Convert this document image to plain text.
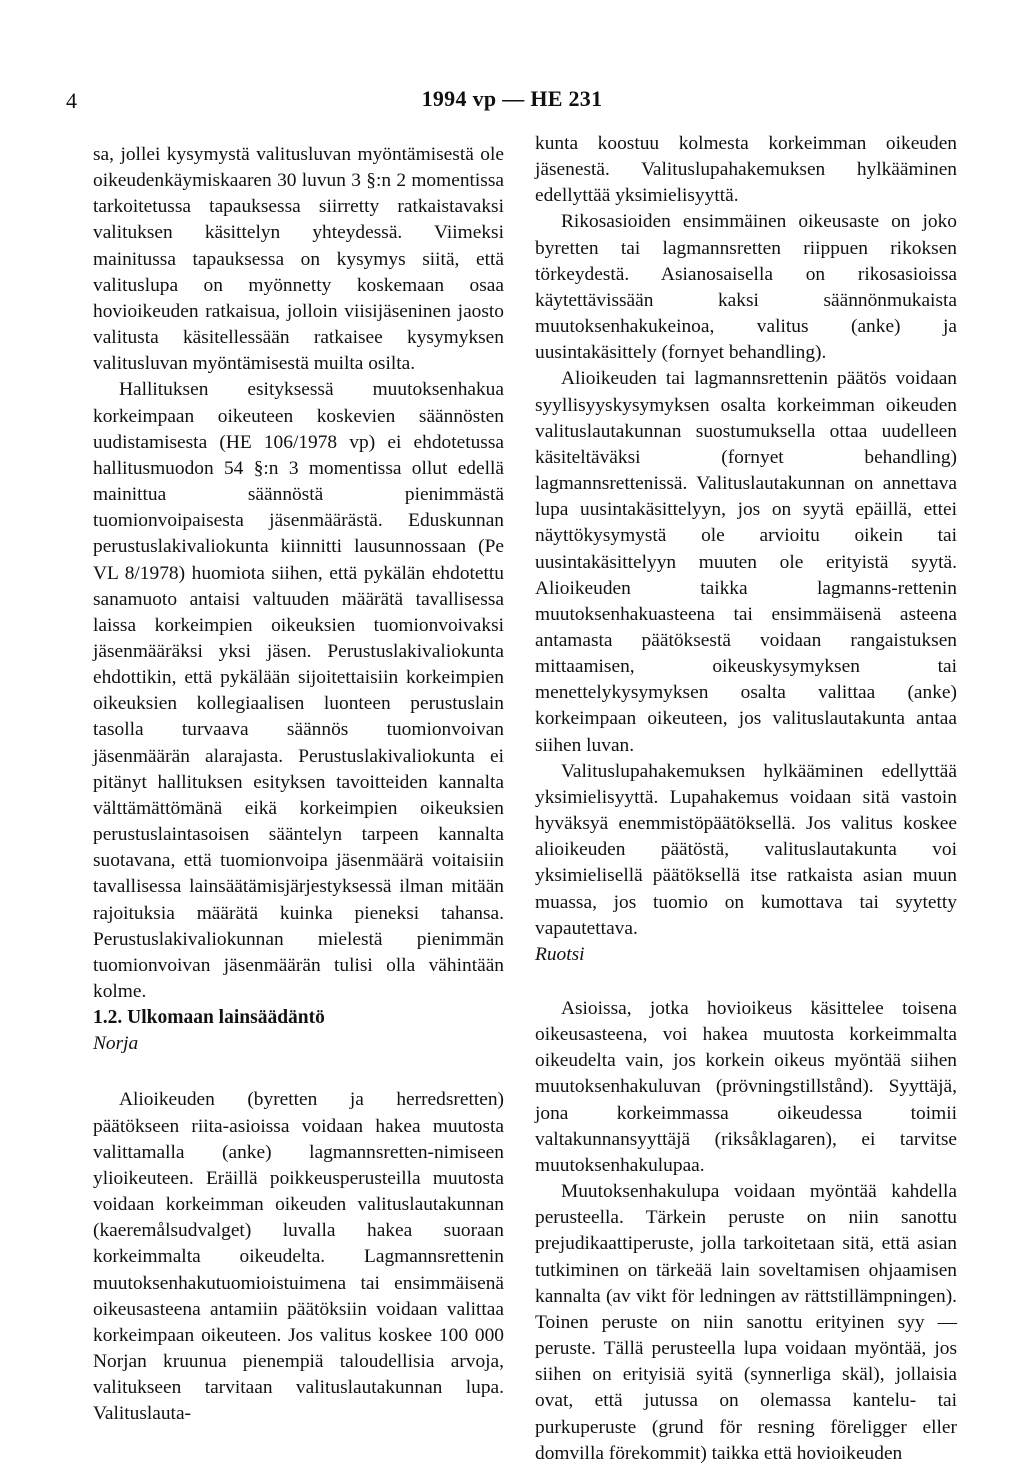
4	1994 vp — HE 231

sa, jollei kysymystä valitusluvan myöntämisestä ole oikeudenkäymiskaaren 30 luvun 3 §:n 2 momentissa tarkoitetussa tapauksessa siirretty ratkaistavaksi valituksen käsittelyn yhteydessä. Viimeksi mainitussa tapauksessa on kysymys siitä, että valituslupa on myönnetty koskemaan osaa hovioikeuden ratkaisua, jolloin viisijäseninen jaosto valitusta käsitellessään ratkaisee kysymyksen valitusluvan myöntämisestä muilta osilta.

Hallituksen esityksessä muutoksenhakua korkeimpaan oikeuteen koskevien säännösten uudistamisesta (HE 106/1978 vp) ei ehdotetussa hallitusmuodon 54 §:n 3 momentissa ollut edellä mainittua säännöstä pienimmästä tuomionvoipaisesta jäsenmäärästä. Eduskunnan perustuslakivaliokunta kiinnitti lausunnossaan (Pe VL 8/1978) huomiota siihen, että pykälän ehdotettu sanamuoto antaisi valtuuden määrätä tavallisessa laissa korkeimpien oikeuksien tuomionvoivaksi jäsenmääräksi yksi jäsen. Perustuslakivaliokunta ehdottikin, että pykälään sijoitettaisiin korkeimpien oikeuksien kollegiaalisen luonteen perustuslain tasolla turvaava säännös tuomionvoivan jäsenmäärän alarajasta. Perustuslakivaliokunta ei pitänyt hallituksen esityksen tavoitteiden kannalta välttämättömänä eikä korkeimpien oikeuksien perustuslaintasoisen sääntelyn tarpeen kannalta suotavana, että tuomionvoipa jäsenmäärä voitaisiin tavallisessa lainsäätämisjärjestyksessä ilman mitään rajoituksia määrätä kuinka pieneksi tahansa. Perustuslakivaliokunnan mielestä pienimmän tuomionvoivan jäsenmäärän tulisi olla vähintään kolme.

1.2. Ulkomaan lainsäädäntö

Norja

Alioikeuden (byretten ja herredsretten) päätökseen riita-asioissa voidaan hakea muutosta valittamalla (anke) lagmannsretten-nimiseen ylioikeuteen. Eräillä poikkeusperusteilla muutosta voidaan korkeimman oikeuden valituslautakunnan (kaeremålsudvalget) luvalla hakea suoraan korkeimmalta oikeudelta. Lagmannsrettenin muutoksenhakutuomioistuimena tai ensimmäisenä oikeusasteena antamiin päätöksiin voidaan valittaa korkeimpaan oikeuteen. Jos valitus koskee 100 000 Norjan kruunua pienempiä taloudellisia arvoja, valitukseen tarvitaan valituslautakunnan lupa. Valituslauta-

kunta koostuu kolmesta korkeimman oikeuden jäsenestä. Valituslupahakemuksen hylkääminen edellyttää yksimielisyyttä.

Rikosasioiden ensimmäinen oikeusaste on joko byretten tai lagmannsretten riippuen rikoksen törkeydestä. Asianosaisella on rikosasioissa käytettävissään kaksi säännönmukaista muutoksenhakukeinoa, valitus (anke) ja uusintakäsittely (fornyet behandling).

Alioikeuden tai lagmannsrettenin päätös voidaan syyllisyyskysymyksen osalta korkeimman oikeuden valituslautakunnan suostumuksella ottaa uudelleen käsiteltäväksi (fornyet behandling) lagmannsrettenissä. Valituslautakunnan on annettava lupa uusintakäsittelyyn, jos on syytä epäillä, ettei näyttökysymystä ole arvioitu oikein tai uusintakäsittelyyn muuten ole erityistä syytä. Alioikeuden taikka lagmanns-rettenin muutoksenhakuasteena tai ensimmäisenä asteena antamasta päätöksestä voidaan rangaistuksen mittaamisen, oikeuskysymyksen tai menettelykysymyksen osalta valittaa (anke) korkeimpaan oikeuteen, jos valituslautakunta antaa siihen luvan.

Valituslupahakemuksen hylkääminen edellyttää yksimielisyyttä. Lupahakemus voidaan sitä vastoin hyväksyä enemmistöpäätöksellä. Jos valitus koskee alioikeuden päätöstä, valituslautakunta voi yksimielisellä päätöksellä itse ratkaista asian muun muassa, jos tuomio on kumottava tai syytetty vapautettava.

Ruotsi

Asioissa, jotka hovioikeus käsittelee toisena oikeusasteena, voi hakea muutosta korkeimmalta oikeudelta vain, jos korkein oikeus myöntää siihen muutoksenhakuluvan (prövningstillstånd). Syyttäjä, jona korkeimmassa oikeudessa toimii valtakunnansyyttäjä (riksåklagaren), ei tarvitse muutoksenhakulupaa.

Muutoksenhakulupa voidaan myöntää kahdella perusteella. Tärkein peruste on niin sanottu prejudikaattiperuste, jolla tarkoitetaan sitä, että asian tutkiminen on tärkeää lain soveltamisen ohjaamisen kannalta (av vikt för ledningen av rättstillämpningen). Toinen peruste on niin sanottu erityinen syy — peruste. Tällä perusteella lupa voidaan myöntää, jos siihen on erityisiä syitä (synnerliga skäl), jollaisia ovat, että jutussa on olemassa kantelu- tai purkuperuste (grund för resning föreligger eller domvilla förekommit) taikka että hovioikeuden
